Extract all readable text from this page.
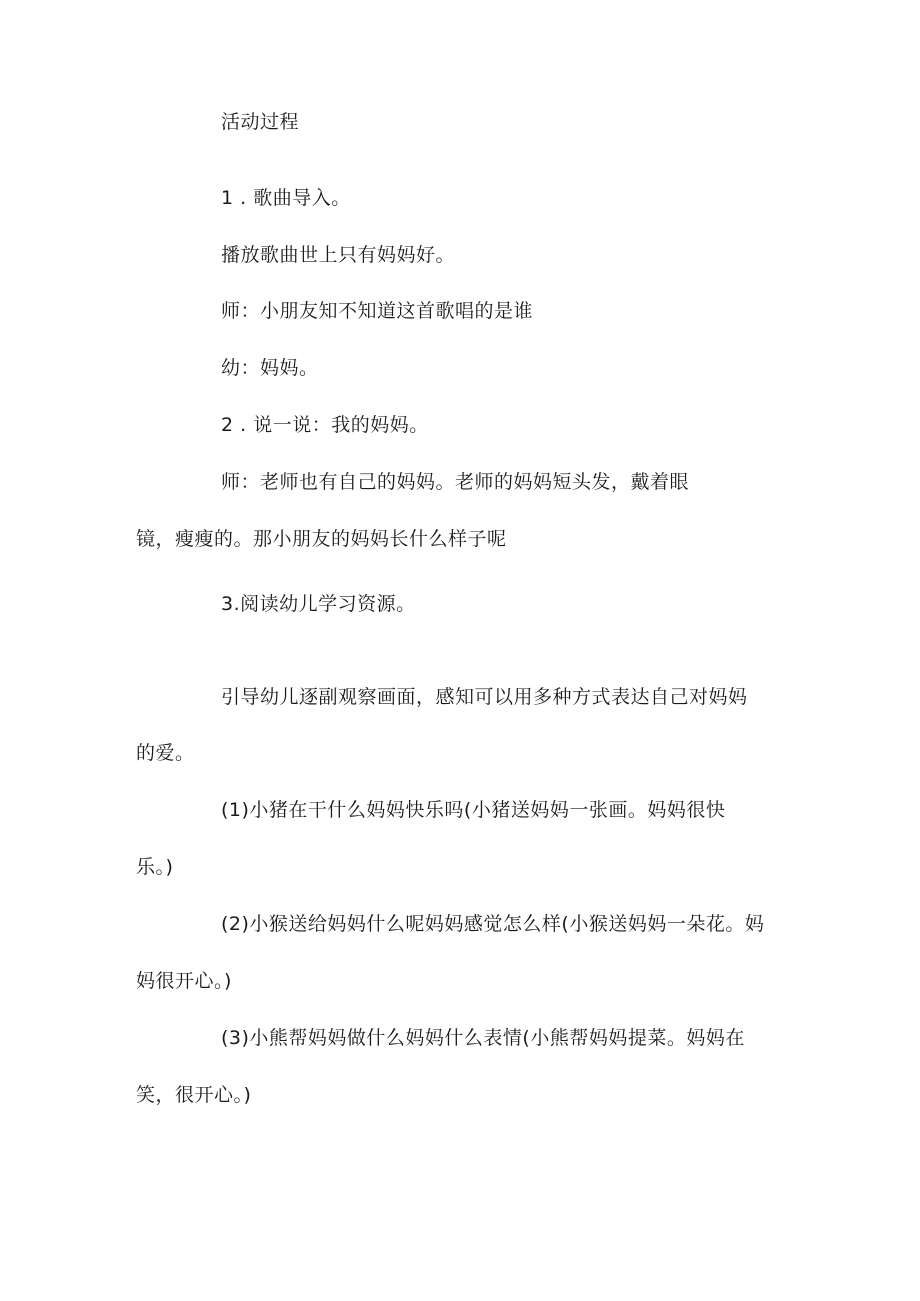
活动过程
1 . 歌曲导入。
播放歌曲世上只有妈妈好。
师：小朋友知不知道这首歌唱的是谁
幼：妈妈。
2 . 说一说：我的妈妈。
师：老师也有自己的妈妈。老师的妈妈短头发，戴着眼
镜，瘦瘦的。那小朋友的妈妈长什么样子呢
3.阅读幼儿学习资源。
引导幼儿逐副观察画面，感知可以用多种方式表达自己对妈妈
的爱。
(1)小猪在干什么妈妈快乐吗(小猪送妈妈一张画。妈妈很快
乐。)
(2)小猴送给妈妈什么呢妈妈感觉怎么样(小猴送妈妈一朵花。妈
妈很开心。)
(3)小熊帮妈妈做什么妈妈什么表情(小熊帮妈妈提菜。妈妈在
笑，很开心。)
